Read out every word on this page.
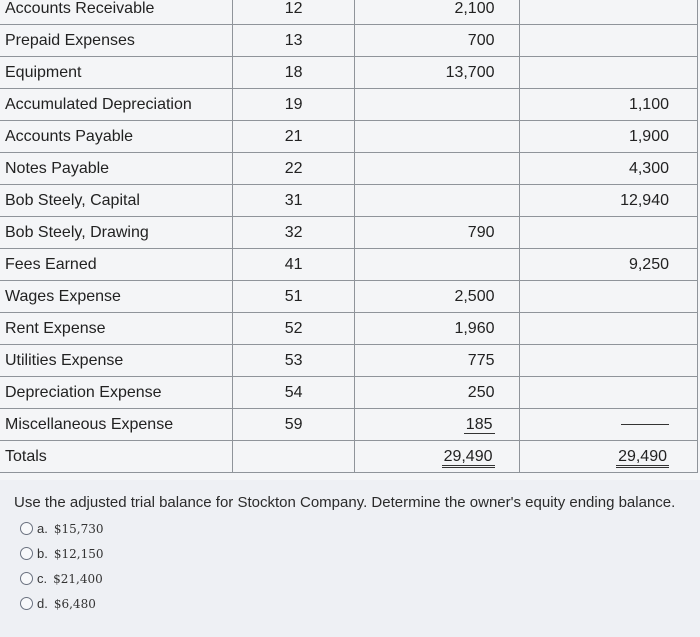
Accounts Receivable	12	2,100	
Prepaid Expenses	13	700	
Equipment	18	13,700	
Accumulated Depreciation	19		1,100
Accounts Payable	21		1,900
Notes Payable	22		4,300
Bob Steely, Capital	31		12,940
Bob Steely, Drawing	32	790	
Fees Earned	41		9,250
Wages Expense	51	2,500	
Rent Expense	52	1,960	
Utilities Expense	53	775	
Depreciation Expense	54	250	
Miscellaneous Expense	59	185	
Totals		29,490	29,490
Use the adjusted trial balance for Stockton Company. Determine the owner's equity ending balance.
a. $15,730
b. $12,150
c. $21,400
d. $6,480
